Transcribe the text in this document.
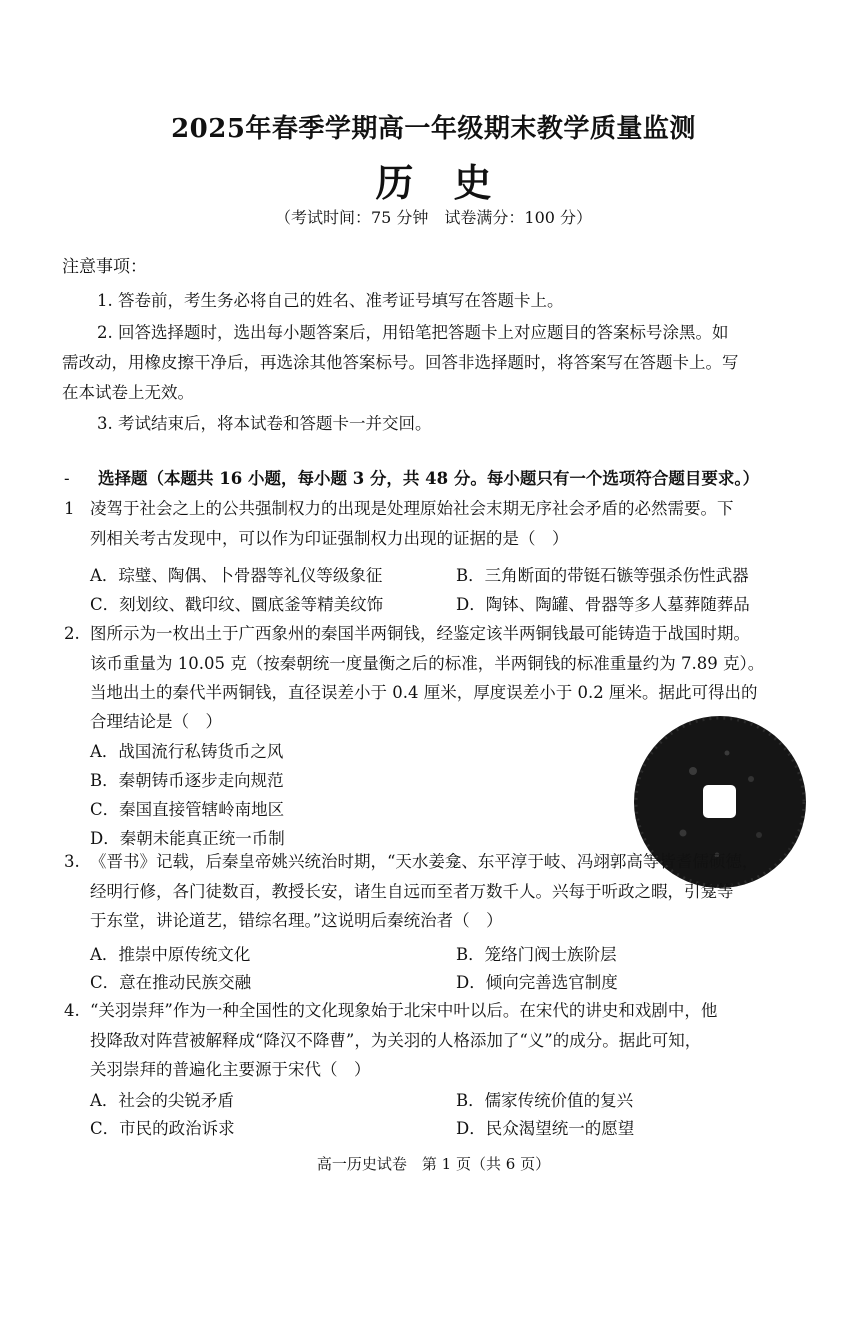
2025年春季学期高一年级期末教学质量监测
历史
（考试时间：75 分钟　试卷满分：100 分）
注意事项：
1. 答卷前，考生务必将自己的姓名、准考证号填写在答题卡上。
2. 回答选择题时，选出每小题答案后，用铅笔把答题卡上对应题目的答案标号涂黑。如
需改动，用橡皮擦干净后，再选涂其他答案标号。回答非选择题时，将答案写在答题卡上。写
在本试卷上无效。
3. 考试结束后，将本试卷和答题卡一并交回。
- 选择题（本题共 16 小题，每小题 3 分，共 48 分。每小题只有一个选项符合题目要求。）
1 凌驾于社会之上的公共强制权力的出现是处理原始社会末期无序社会矛盾的必然需要。下
列相关考古发现中，可以作为印证强制权力出现的证据的是（　）
A．琮璧、陶偶、卜骨器等礼仪等级象征	B．三角断面的带铤石镞等强杀伤性武器
C．刻划纹、戳印纹、圜底釜等精美纹饰	D．陶钵、陶罐、骨器等多人墓葬随葬品
2. 图所示为一枚出土于广西象州的秦国半两铜钱，经鉴定该半两铜钱最可能铸造于战国时期。
该币重量为 10.05 克（按秦朝统一度量衡之后的标准，半两铜钱的标准重量约为 7.89 克）。
当地出土的秦代半两铜钱，直径误差小于 0.4 厘米，厚度误差小于 0.2 厘米。据此可得出的
合理结论是（　）
A．战国流行私铸货币之风
B．秦朝铸币逐步走向规范
C．秦国直接管辖岭南地区
D．秦朝未能真正统一币制
3. 《晋书》记载，后秦皇帝姚兴统治时期，“天水姜龛、东平淳于岐、冯翊郭高等皆耆儒硕德，
经明行修，各门徒数百，教授长安，诸生自远而至者万数千人。兴每于听政之暇，引龛等
于东堂，讲论道艺，错综名理。”这说明后秦统治者（　）
A．推崇中原传统文化	B．笼络门阀士族阶层
C．意在推动民族交融	D．倾向完善选官制度
4. “关羽崇拜”作为一种全国性的文化现象始于北宋中叶以后。在宋代的讲史和戏剧中，他
投降敌对阵营被解释成“降汉不降曹”，为关羽的人格添加了“义”的成分。据此可知，
关羽崇拜的普遍化主要源于宋代（　）
A．社会的尖锐矛盾	B．儒家传统价值的复兴
C．市民的政治诉求	D．民众渴望统一的愿望
高一历史试卷　第 1 页（共 6 页）
